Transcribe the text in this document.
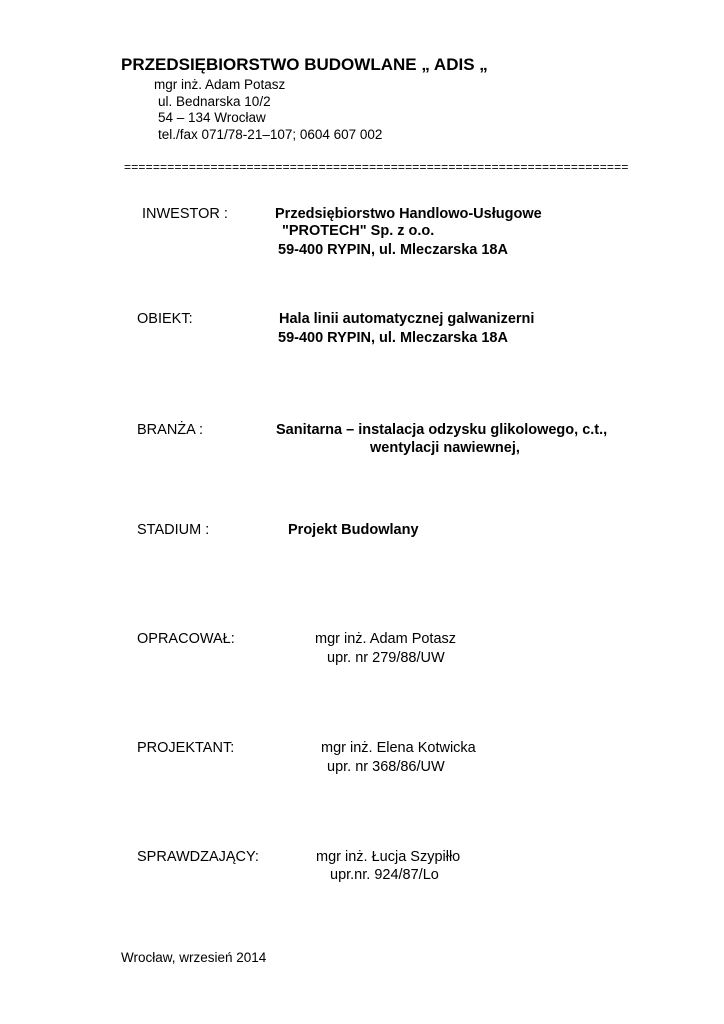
PRZEDSIĘBIORSTWO BUDOWLANE „ ADIS „
mgr inż. Adam Potasz
ul. Bednarska 10/2
54 – 134 Wrocław
tel./fax 071/78-21–107; 0604 607 002
======================================================================
INWESTOR :	Przedsiębiorstwo Handlowo-Usługowe
"PROTECH" Sp. z o.o.
59-400 RYPIN, ul. Mleczarska 18A
OBIEKT:	Hala linii automatycznej galwanizerni
59-400 RYPIN, ul. Mleczarska 18A
BRANŻA :	Sanitarna – instalacja odzysku glikolowego, c.t.,
wentylacji nawiewnej,
STADIUM :	Projekt Budowlany
OPRACOWAŁ:	mgr inż. Adam Potasz
upr. nr 279/88/UW
PROJEKTANT:	mgr inż. Elena Kotwicka
upr. nr 368/86/UW
SPRAWDZAJĄCY:	mgr inż. Łucja Szypiłło
upr.nr. 924/87/Lo
Wrocław, wrzesień 2014
